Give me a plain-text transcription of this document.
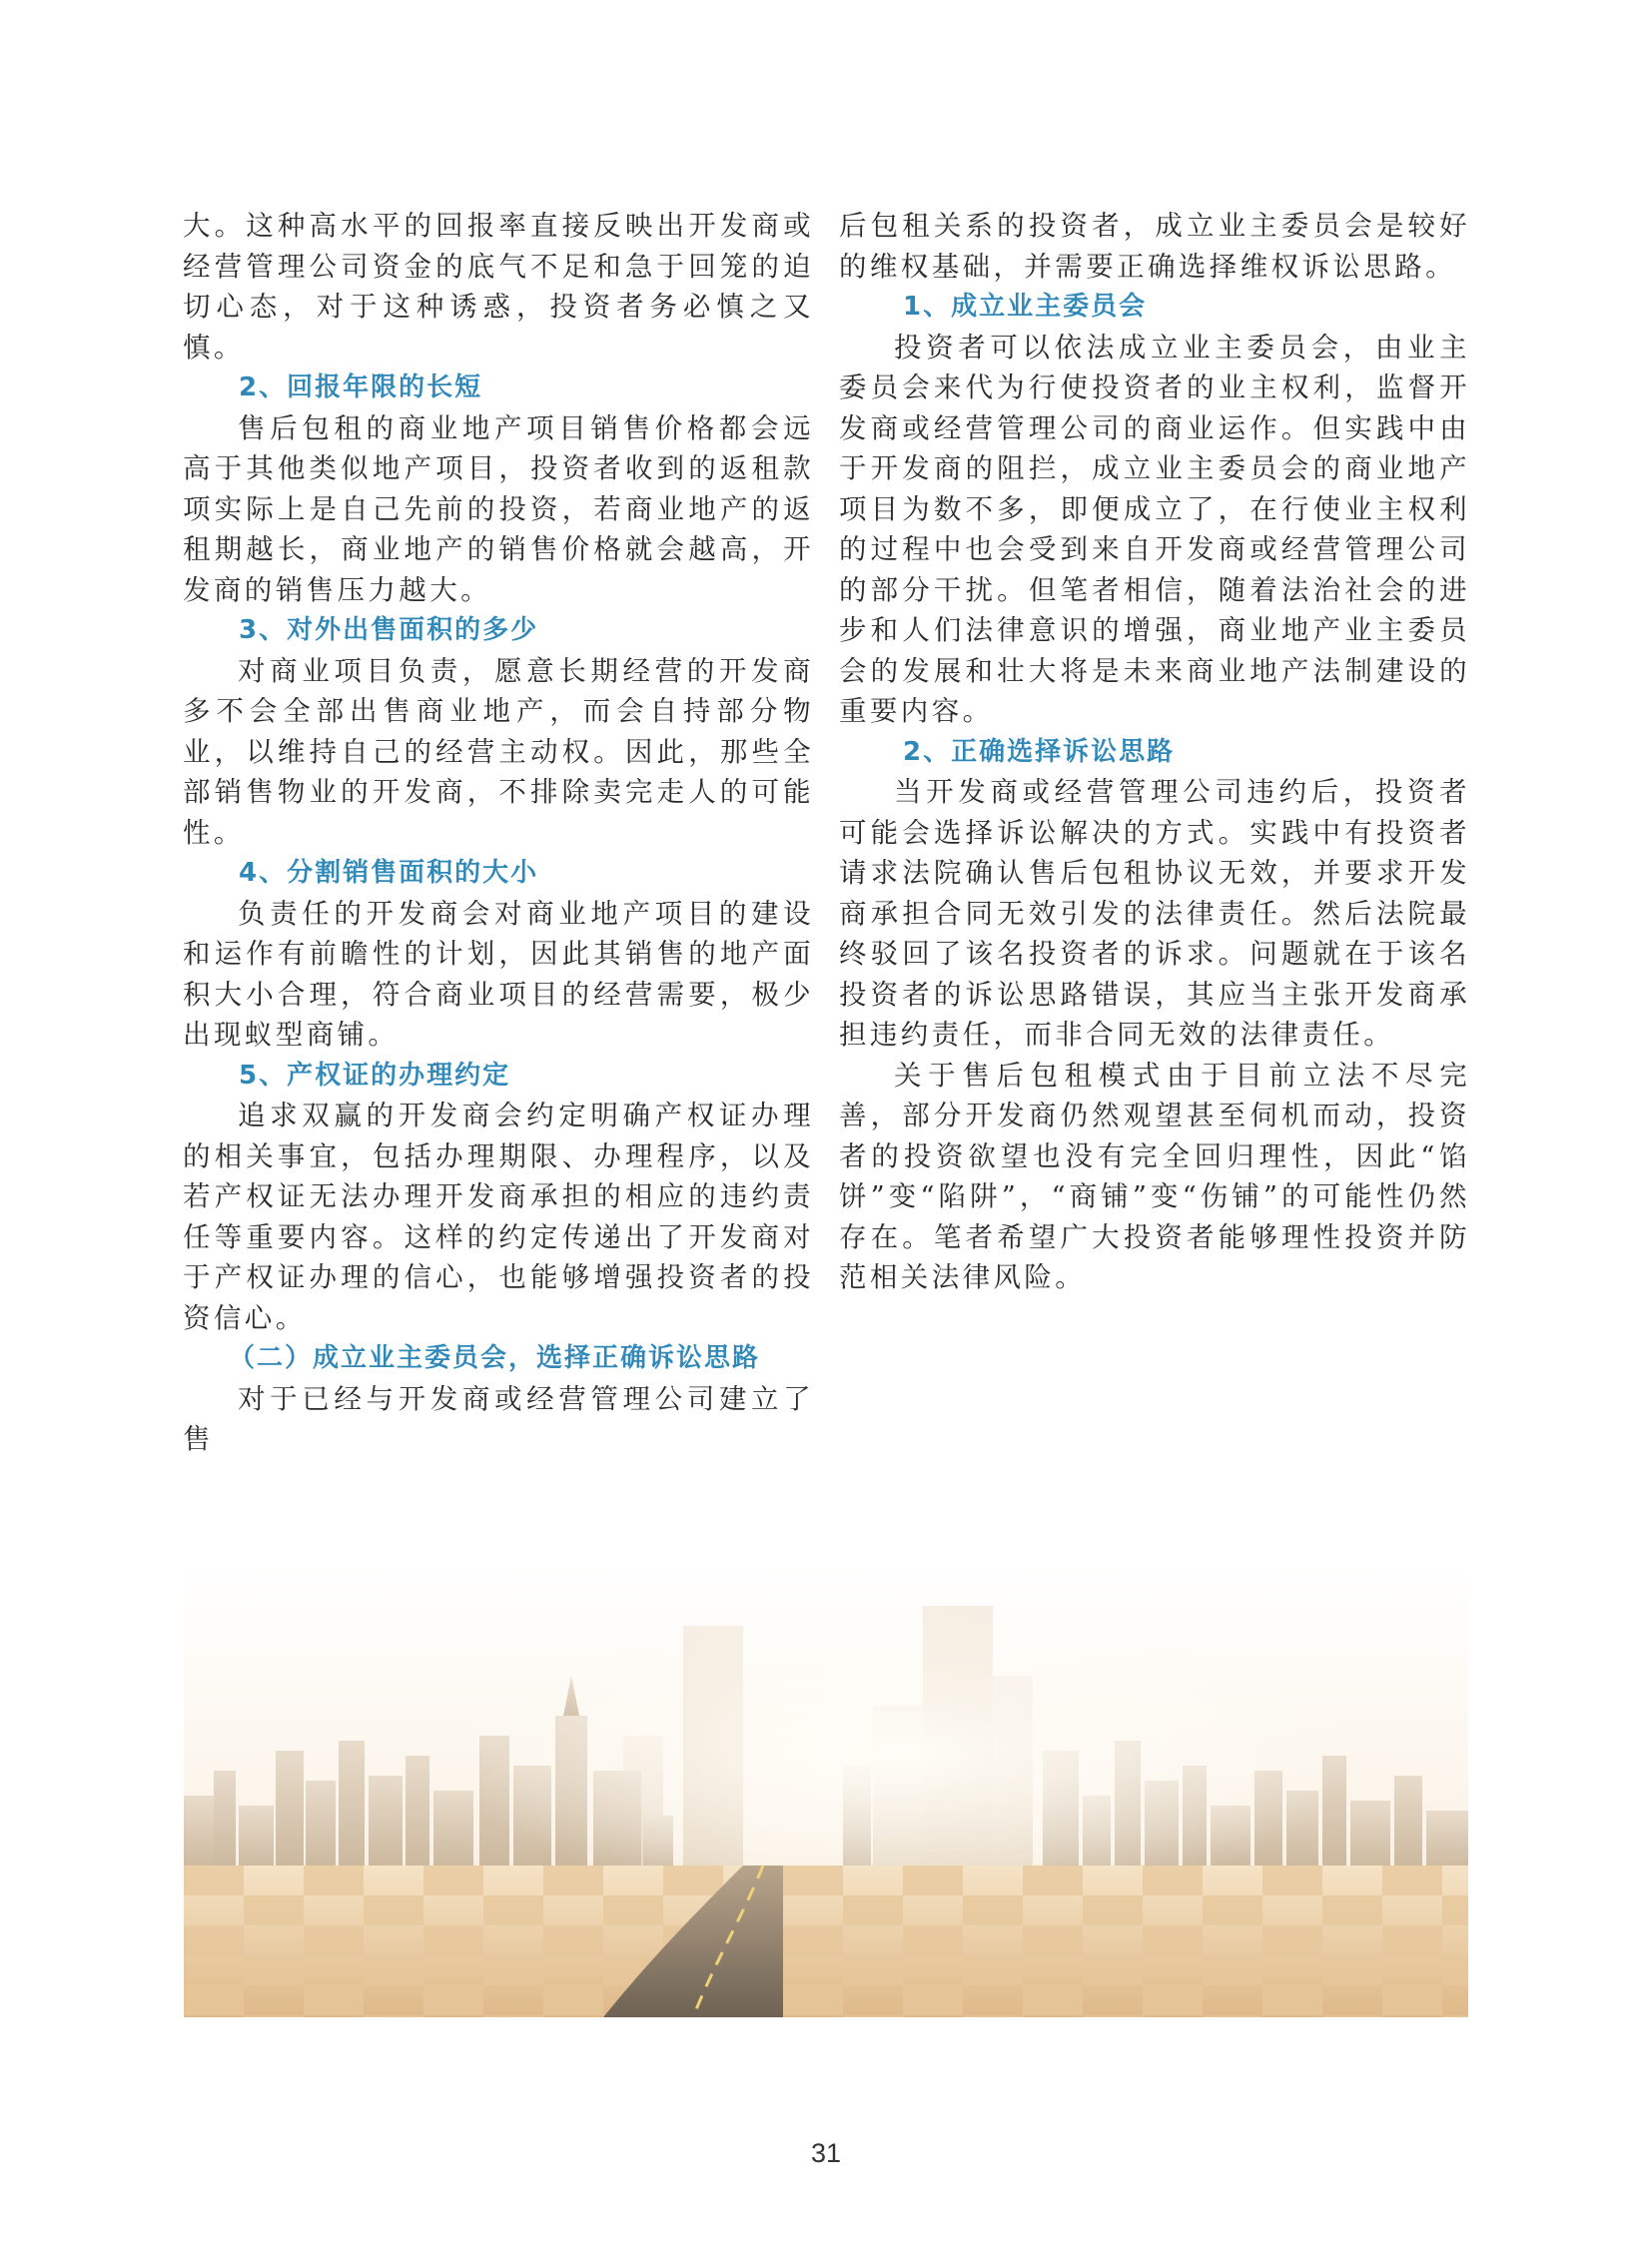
大。这种高水平的回报率直接反映出开发商或经营管理公司资金的底气不足和急于回笼的迫切心态，对于这种诱惑，投资者务必慎之又慎。

2、回报年限的长短

售后包租的商业地产项目销售价格都会远高于其他类似地产项目，投资者收到的返租款项实际上是自己先前的投资，若商业地产的返租期越长，商业地产的销售价格就会越高，开发商的销售压力越大。

3、对外出售面积的多少

对商业项目负责，愿意长期经营的开发商多不会全部出售商业地产，而会自持部分物业，以维持自己的经营主动权。因此，那些全部销售物业的开发商，不排除卖完走人的可能性。

4、分割销售面积的大小

负责任的开发商会对商业地产项目的建设和运作有前瞻性的计划，因此其销售的地产面积大小合理，符合商业项目的经营需要，极少出现蚁型商铺。

5、产权证的办理约定

追求双赢的开发商会约定明确产权证办理的相关事宜，包括办理期限、办理程序，以及若产权证无法办理开发商承担的相应的违约责任等重要内容。这样的约定传递出了开发商对于产权证办理的信心，也能够增强投资者的投资信心。

（二）成立业主委员会，选择正确诉讼思路

对于已经与开发商或经营管理公司建立了售

后包租关系的投资者，成立业主委员会是较好的维权基础，并需要正确选择维权诉讼思路。

1、成立业主委员会

投资者可以依法成立业主委员会，由业主委员会来代为行使投资者的业主权利，监督开发商或经营管理公司的商业运作。但实践中由于开发商的阻拦，成立业主委员会的商业地产项目为数不多，即便成立了，在行使业主权利的过程中也会受到来自开发商或经营管理公司的部分干扰。但笔者相信，随着法治社会的进步和人们法律意识的增强，商业地产业主委员会的发展和壮大将是未来商业地产法制建设的重要内容。

2、正确选择诉讼思路

当开发商或经营管理公司违约后，投资者可能会选择诉讼解决的方式。实践中有投资者请求法院确认售后包租协议无效，并要求开发商承担合同无效引发的法律责任。然后法院最终驳回了该名投资者的诉求。问题就在于该名投资者的诉讼思路错误，其应当主张开发商承担违约责任，而非合同无效的法律责任。

关于售后包租模式由于目前立法不尽完善，部分开发商仍然观望甚至伺机而动，投资者的投资欲望也没有完全回归理性，因此“馅饼”变“陷阱”，“商铺”变“伤铺”的可能性仍然存在。笔者希望广大投资者能够理性投资并防范相关法律风险。

31
